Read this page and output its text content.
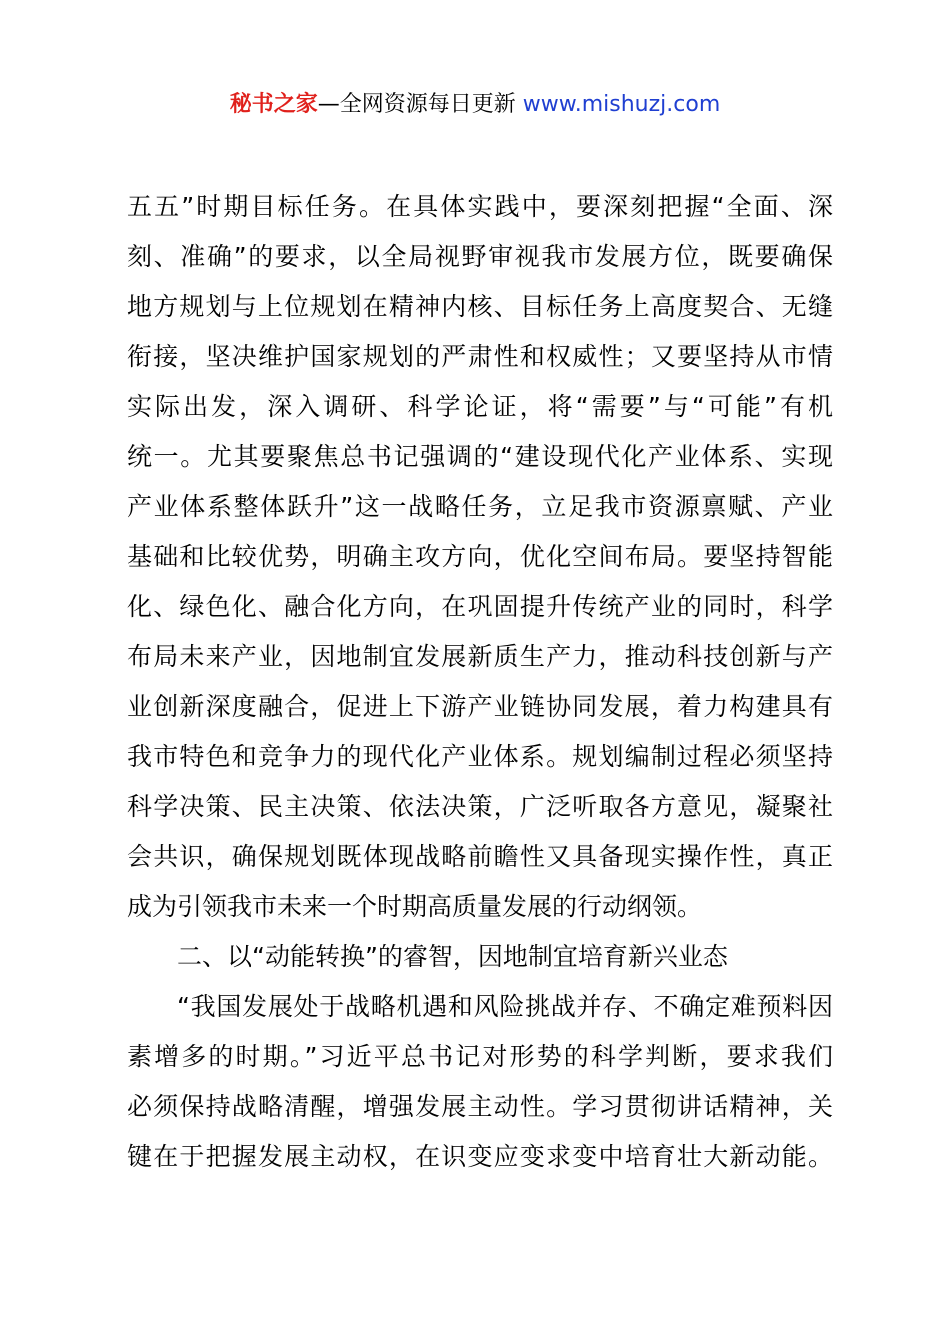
秘书之家—全网资源每日更新 www.mishuzj.com
五五”时期目标任务。在具体实践中，要深刻把握“全面、深
刻、准确”的要求，以全局视野审视我市发展方位，既要确保
地方规划与上位规划在精神内核、目标任务上高度契合、无缝
衔接，坚决维护国家规划的严肃性和权威性；又要坚持从市情
实际出发，深入调研、科学论证，将“需要”与“可能”有机
统一。尤其要聚焦总书记强调的“建设现代化产业体系、实现
产业体系整体跃升”这一战略任务，立足我市资源禀赋、产业
基础和比较优势，明确主攻方向，优化空间布局。要坚持智能
化、绿色化、融合化方向，在巩固提升传统产业的同时，科学
布局未来产业，因地制宜发展新质生产力，推动科技创新与产
业创新深度融合，促进上下游产业链协同发展，着力构建具有
我市特色和竞争力的现代化产业体系。规划编制过程必须坚持
科学决策、民主决策、依法决策，广泛听取各方意见，凝聚社
会共识，确保规划既体现战略前瞻性又具备现实操作性，真正
成为引领我市未来一个时期高质量发展的行动纲领。
二、以“动能转换”的睿智，因地制宜培育新兴业态
“我国发展处于战略机遇和风险挑战并存、不确定难预料因
素增多的时期。”习近平总书记对形势的科学判断，要求我们
必须保持战略清醒，增强发展主动性。学习贯彻讲话精神，关
键在于把握发展主动权，在识变应变求变中培育壮大新动能。
